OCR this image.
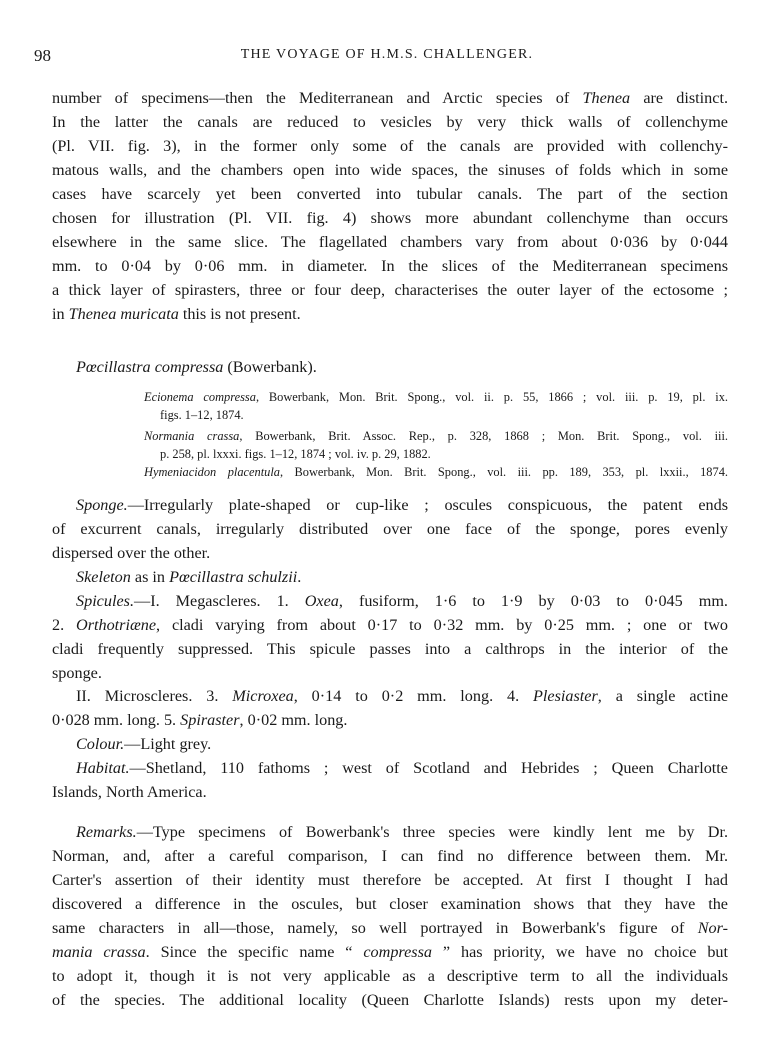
98	THE VOYAGE OF H.M.S. CHALLENGER.
number of specimens—then the Mediterranean and Arctic species of Thenea are distinct.
In the latter the canals are reduced to vesicles by very thick walls of collenchyme
(Pl. VII. fig. 3), in the former only some of the canals are provided with collenchy-
matous walls, and the chambers open into wide spaces, the sinuses of folds which in some
cases have scarcely yet been converted into tubular canals. The part of the section
chosen for illustration (Pl. VII. fig. 4) shows more abundant collenchyme than occurs
elsewhere in the same slice. The flagellated chambers vary from about 0·036 by 0·044
mm. to 0·04 by 0·06 mm. in diameter. In the slices of the Mediterranean specimens
a thick layer of spirasters, three or four deep, characterises the outer layer of the ectosome ;
in Thenea muricata this is not present.
Pœcillastra compressa (Bowerbank).
Ecionema compressa, Bowerbank, Mon. Brit. Spong., vol. ii. p. 55, 1866 ; vol. iii. p. 19, pl. ix.
figs. 1–12, 1874.
Normania crassa, Bowerbank, Brit. Assoc. Rep., p. 328, 1868 ; Mon. Brit. Spong., vol. iii.
p. 258, pl. lxxxi. figs. 1–12, 1874 ; vol. iv. p. 29, 1882.
Hymeniacidon placentula, Bowerbank, Mon. Brit. Spong., vol. iii. pp. 189, 353, pl. lxxii., 1874.
Sponge.—Irregularly plate-shaped or cup-like ; oscules conspicuous, the patent ends
of excurrent canals, irregularly distributed over one face of the sponge, pores evenly
dispersed over the other.
Skeleton as in Pœcillastra schulzii.
Spicules.—I. Megascleres. 1. Oxea, fusiform, 1·6 to 1·9 by 0·03 to 0·045 mm.
2. Orthotriæne, cladi varying from about 0·17 to 0·32 mm. by 0·25 mm. ; one or two
cladi frequently suppressed. This spicule passes into a calthrops in the interior of the
sponge.
II. Microscleres. 3. Microxea, 0·14 to 0·2 mm. long. 4. Plesiaster, a single actine
0·028 mm. long. 5. Spiraster, 0·02 mm. long.
Colour.—Light grey.
Habitat.—Shetland, 110 fathoms ; west of Scotland and Hebrides ; Queen Charlotte
Islands, North America.
Remarks.—Type specimens of Bowerbank's three species were kindly lent me by Dr.
Norman, and, after a careful comparison, I can find no difference between them. Mr.
Carter's assertion of their identity must therefore be accepted. At first I thought I had
discovered a difference in the oscules, but closer examination shows that they have the
same characters in all—those, namely, so well portrayed in Bowerbank's figure of Nor-
mania crassa. Since the specific name “ compressa ” has priority, we have no choice but
to adopt it, though it is not very applicable as a descriptive term to all the individuals
of the species. The additional locality (Queen Charlotte Islands) rests upon my deter-
